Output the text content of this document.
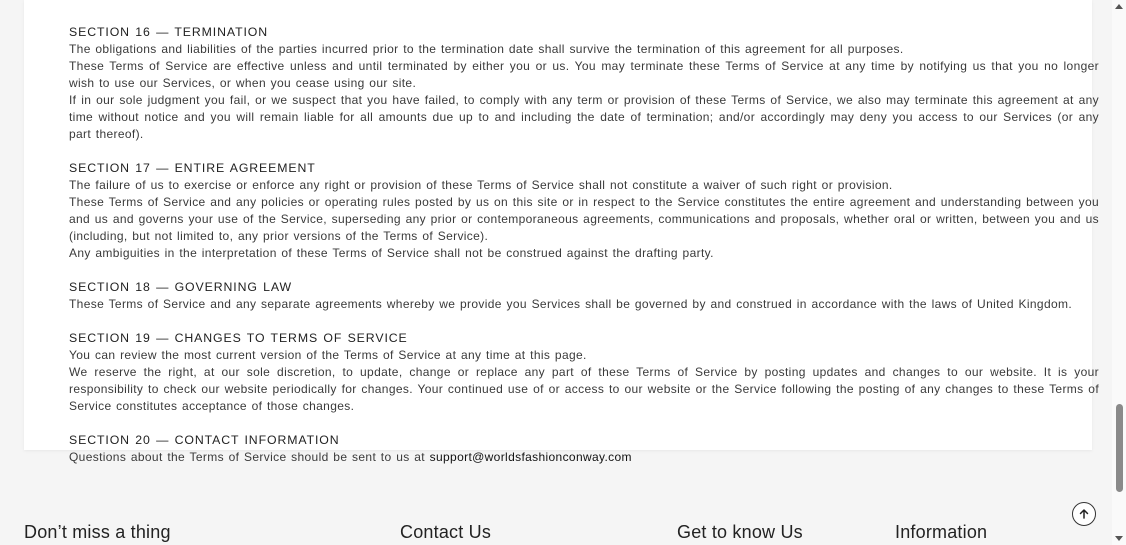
SECTION 16 — TERMINATION

The obligations and liabilities of the parties incurred prior to the termination date shall survive the termination of this agreement for all purposes.

These Terms of Service are effective unless and until terminated by either you or us. You may terminate these Terms of Service at any time by notifying us that you no longer wish to use our Services, or when you cease using our site.

If in our sole judgment you fail, or we suspect that you have failed, to comply with any term or provision of these Terms of Service, we also may terminate this agreement at any time without notice and you will remain liable for all amounts due up to and including the date of termination; and/or accordingly may deny you access to our Services (or any part thereof).

SECTION 17 — ENTIRE AGREEMENT

The failure of us to exercise or enforce any right or provision of these Terms of Service shall not constitute a waiver of such right or provision.

These Terms of Service and any policies or operating rules posted by us on this site or in respect to the Service constitutes the entire agreement and understanding between you and us and governs your use of the Service, superseding any prior or contemporaneous agreements, communications and proposals, whether oral or written, between you and us (including, but not limited to, any prior versions of the Terms of Service).

Any ambiguities in the interpretation of these Terms of Service shall not be construed against the drafting party.

SECTION 18 — GOVERNING LAW

These Terms of Service and any separate agreements whereby we provide you Services shall be governed by and construed in accordance with the laws of United Kingdom.

SECTION 19 — CHANGES TO TERMS OF SERVICE

You can review the most current version of the Terms of Service at any time at this page.

We reserve the right, at our sole discretion, to update, change or replace any part of these Terms of Service by posting updates and changes to our website. It is your responsibility to check our website periodically for changes. Your continued use of or access to our website or the Service following the posting of any changes to these Terms of Service constitutes acceptance of those changes.

SECTION 20 — CONTACT INFORMATION

Questions about the Terms of Service should be sent to us at support@worldsfashionconway.com

Don’t miss a thing	Contact Us	Get to know Us	Information
